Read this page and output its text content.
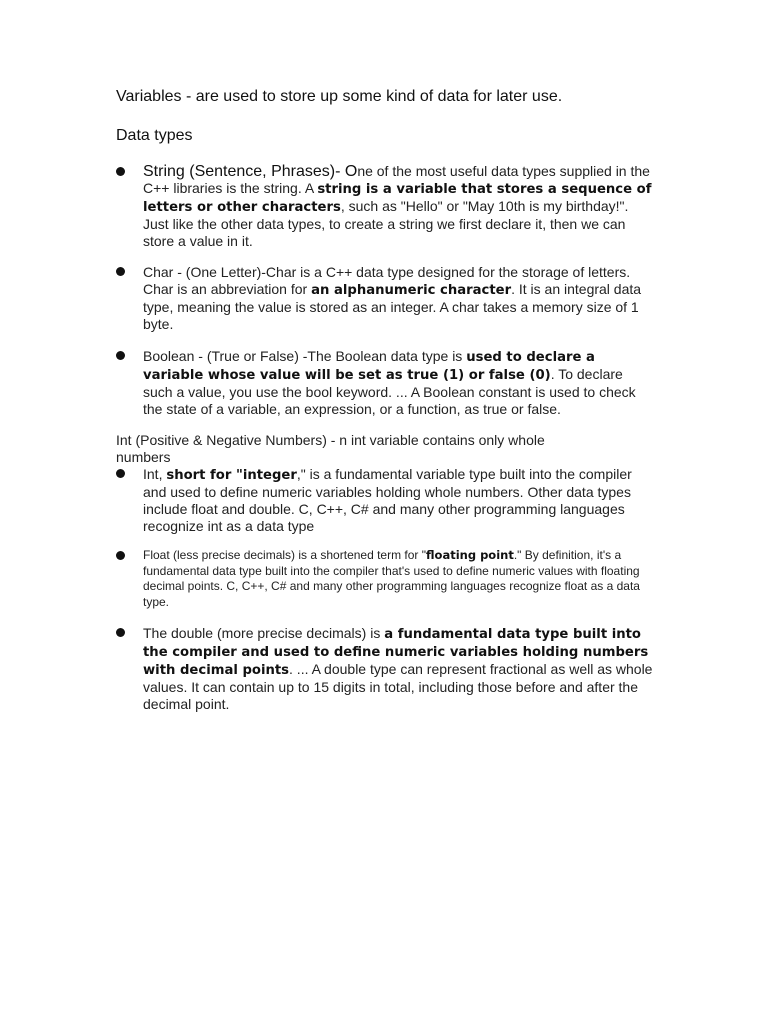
Variables - are used to store up some kind of data for later use.
Data types
String (Sentence, Phrases)- One of the most useful data types supplied in the C++ libraries is the string. A string is a variable that stores a sequence of letters or other characters, such as "Hello" or "May 10th is my birthday!". Just like the other data types, to create a string we first declare it, then we can store a value in it.
Char - (One Letter)-Char is a C++ data type designed for the storage of letters. Char is an abbreviation for an alphanumeric character. It is an integral data type, meaning the value is stored as an integer. A char takes a memory size of 1 byte.
Boolean - (True or False) -The Boolean data type is used to declare a variable whose value will be set as true (1) or false (0). To declare such a value, you use the bool keyword. ... A Boolean constant is used to check the state of a variable, an expression, or a function, as true or false.
Int (Positive & Negative Numbers) - n int variable contains only whole numbers
Int, short for "integer," is a fundamental variable type built into the compiler and used to define numeric variables holding whole numbers. Other data types include float and double. C, C++, C# and many other programming languages recognize int as a data type
Float (less precise decimals) is a shortened term for "floating point." By definition, it's a fundamental data type built into the compiler that's used to define numeric values with floating decimal points. C, C++, C# and many other programming languages recognize float as a data type.
The double (more precise decimals) is a fundamental data type built into the compiler and used to define numeric variables holding numbers with decimal points. ... A double type can represent fractional as well as whole values. It can contain up to 15 digits in total, including those before and after the decimal point.
